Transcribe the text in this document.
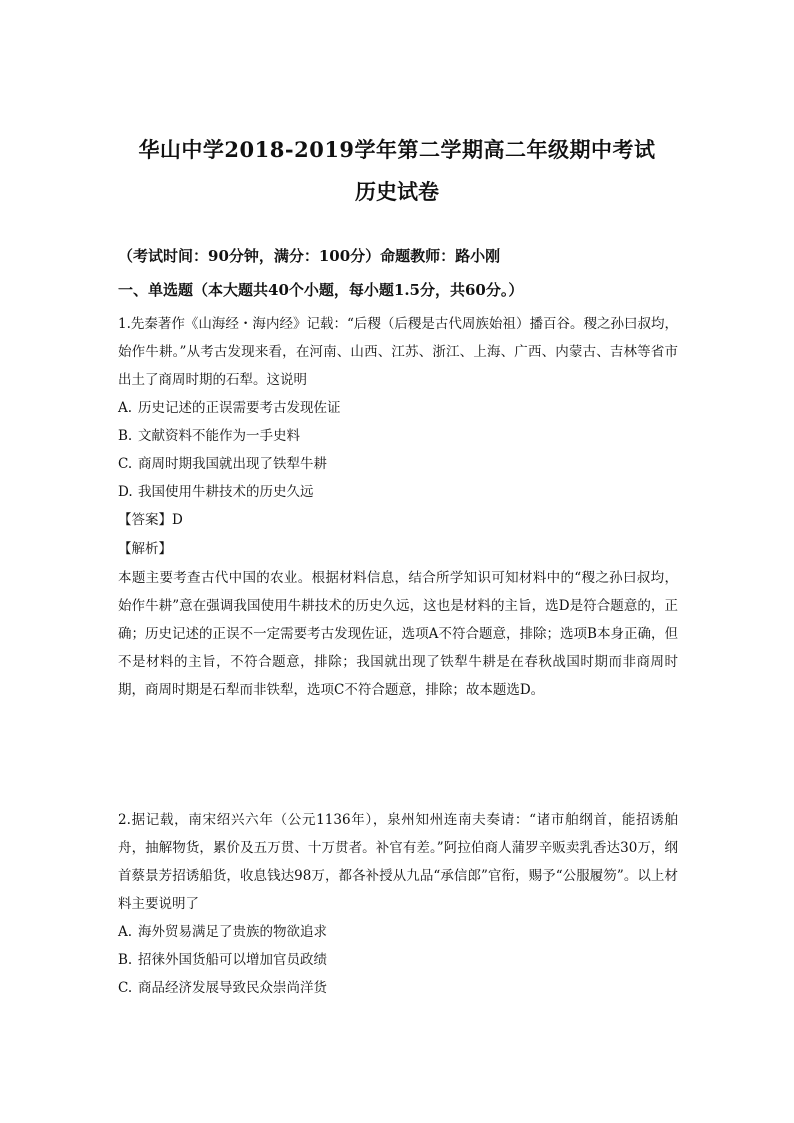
华山中学2018-2019学年第二学期高二年级期中考试
历史试卷
（考试时间：90分钟，满分：100分）命题教师：路小刚
一、单选题（本大题共40个小题，每小题1.5分，共60分。）

1.先秦著作《山海经・海内经》记载：“后稷（后稷是古代周族始祖）播百谷。稷之孙曰叔均，始作牛耕。”从考古发现来看，在河南、山西、江苏、浙江、上海、广西、内蒙古、吉林等省市出土了商周时期的石犁。这说明

A. 历史记述的正误需要考古发现佐证
B. 文献资料不能作为一手史料
C. 商周时期我国就出现了铁犁牛耕
D. 我国使用牛耕技术的历史久远
【答案】D
【解析】

本题主要考查古代中国的农业。根据材料信息，结合所学知识可知材料中的“稷之孙曰叔均，始作牛耕”意在强调我国使用牛耕技术的历史久远，这也是材料的主旨，选D是符合题意的，正确；历史记述的正误不一定需要考古发现佐证，选项A不符合题意，排除；选项B本身正确，但不是材料的主旨，不符合题意，排除；我国就出现了铁犁牛耕是在春秋战国时期而非商周时期，商周时期是石犁而非铁犁，选项C不符合题意，排除；故本题选D。

2.据记载，南宋绍兴六年（公元1136年），泉州知州连南夫奏请：“诸市舶纲首，能招诱舶舟，抽解物货，累价及五万贯、十万贯者。补官有差。”阿拉伯商人蒲罗辛贩卖乳香达30万，纲首蔡景芳招诱船货，收息钱达98万，都各补授从九品“承信郎”官衔，赐予“公服履笏”。以上材料主要说明了

A. 海外贸易满足了贵族的物欲追求
B. 招徕外国货船可以增加官员政绩
C. 商品经济发展导致民众崇尚洋货
